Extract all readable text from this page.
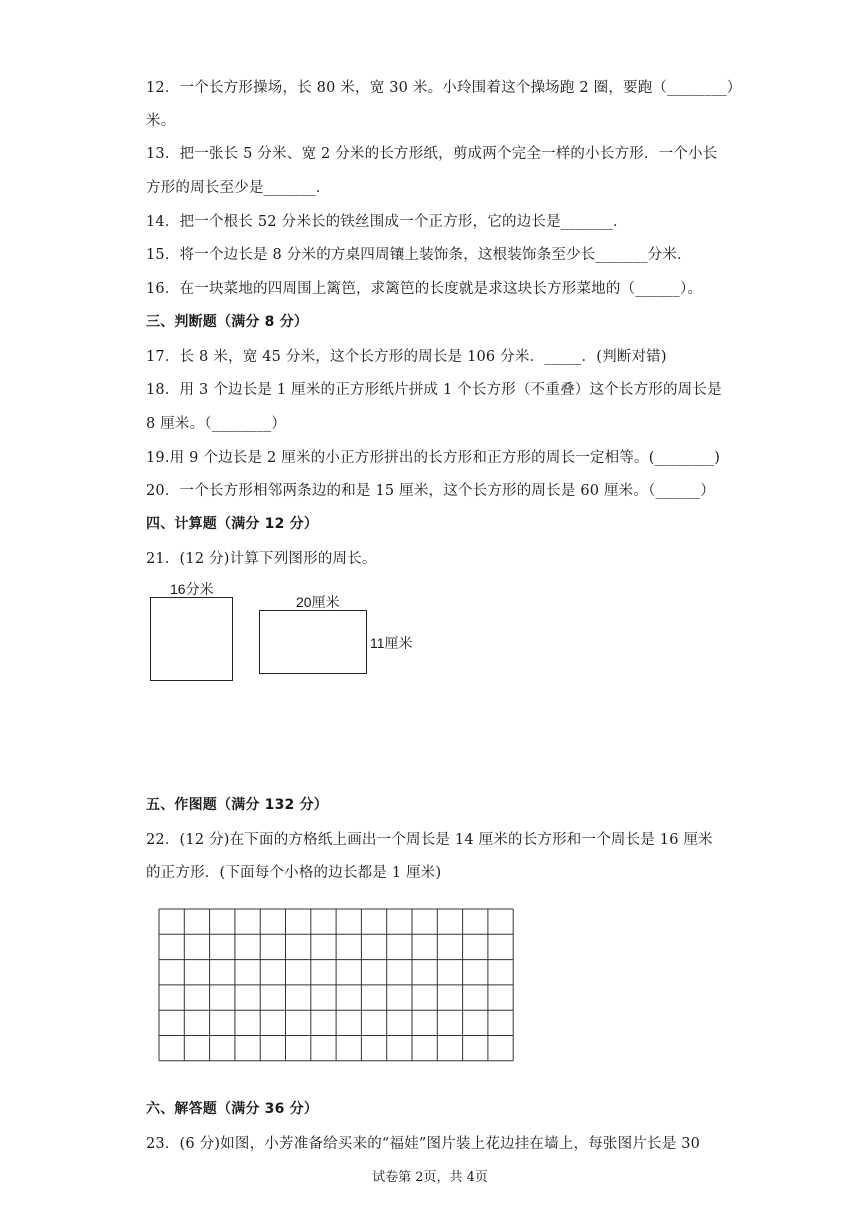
12．一个长方形操场，长 80 米，宽 30 米。小玲围着这个操场跑 2 圈，要跑（________）
米。
13．把一张长 5 分米、宽 2 分米的长方形纸，剪成两个完全一样的小长方形．一个小长
方形的周长至少是_______．
14．把一个根长 52 分米长的铁丝围成一个正方形，它的边长是_______．
15．将一个边长是 8 分米的方桌四周镶上装饰条，这根装饰条至少长_______分米．
16．在一块菜地的四周围上篱笆，求篱笆的长度就是求这块长方形菜地的（______）。
三、判断题（满分 8 分）
17．长 8 米，宽 45 分米，这个长方形的周长是 106 分米．_____．(判断对错)
18．用 3 个边长是 1 厘米的正方形纸片拼成 1 个长方形（不重叠）这个长方形的周长是
8 厘米。（________）
19.用 9 个边长是 2 厘米的小正方形拼出的长方形和正方形的周长一定相等。(________)
20．一个长方形相邻两条边的和是 15 厘米，这个长方形的周长是 60 厘米。（______）
四、计算题（满分 12 分）
21．(12 分)计算下列图形的周长。
16分米
20厘米
11厘米
五、作图题（满分 132 分）
22．(12 分)在下面的方格纸上画出一个周长是 14 厘米的长方形和一个周长是 16 厘米
的正方形．(下面每个小格的边长都是 1 厘米)
六、解答题（满分 36 分）
23．(6 分)如图，小芳准备给买来的“福娃”图片装上花边挂在墙上，每张图片长是 30
试卷第 2页，共 4页
